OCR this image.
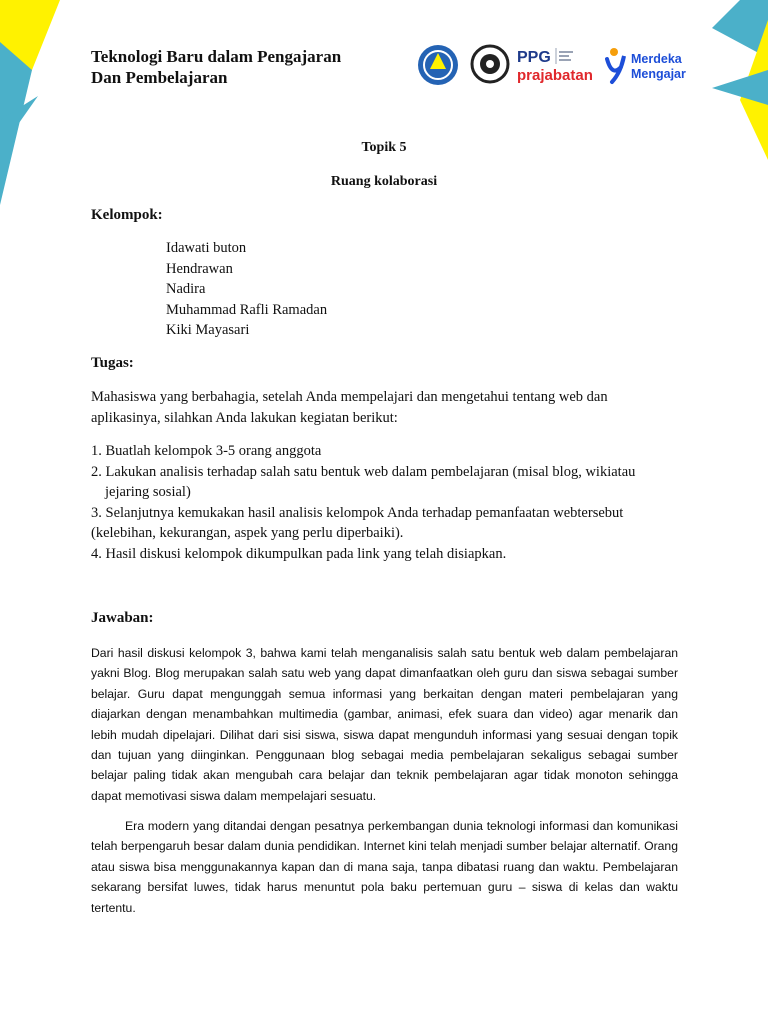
Teknologi Baru dalam Pengajaran
Dan Pembelajaran
PPG
prajabatan
Merdeka
Mengajar
Topik 5
Ruang kolaborasi
Kelompok:
Idawati buton
Hendrawan
Nadira
Muhammad Rafli Ramadan
Kiki Mayasari
Tugas:
Mahasiswa yang berbahagia, setelah Anda mempelajari dan mengetahui tentang web dan aplikasinya, silahkan Anda lakukan kegiatan berikut:
1. Buatlah kelompok 3-5 orang anggota
2. Lakukan analisis terhadap salah satu bentuk web dalam pembelajaran (misal blog, wikiatau
jejaring sosial)
3. Selanjutnya kemukakan hasil analisis kelompok Anda terhadap pemanfaatan webtersebut
(kelebihan, kekurangan, aspek yang perlu diperbaiki).
4. Hasil diskusi kelompok dikumpulkan pada link yang telah disiapkan.
Jawaban:
Dari hasil diskusi kelompok 3, bahwa kami telah menganalisis salah satu bentuk web dalam pembelajaran yakni Blog. Blog merupakan salah satu web yang dapat dimanfaatkan oleh guru dan siswa sebagai sumber belajar. Guru dapat mengunggah semua informasi yang berkaitan dengan materi pembelajaran yang diajarkan dengan menambahkan multimedia (gambar, animasi, efek suara dan video) agar menarik dan lebih mudah dipelajari. Dilihat dari sisi siswa, siswa dapat mengunduh informasi yang sesuai dengan topik dan tujuan yang diinginkan. Penggunaan blog sebagai media pembelajaran sekaligus sebagai sumber belajar paling tidak akan mengubah cara belajar dan teknik pembelajaran agar tidak monoton sehingga dapat memotivasi siswa dalam mempelajari sesuatu.
Era modern yang ditandai dengan pesatnya perkembangan dunia teknologi informasi dan komunikasi telah berpengaruh besar dalam dunia pendidikan. Internet kini telah menjadi sumber belajar alternatif. Orang atau siswa bisa menggunakannya kapan dan di mana saja, tanpa dibatasi ruang dan waktu. Pembelajaran sekarang bersifat luwes, tidak harus menuntut pola baku pertemuan guru – siswa di kelas dan waktu tertentu.
